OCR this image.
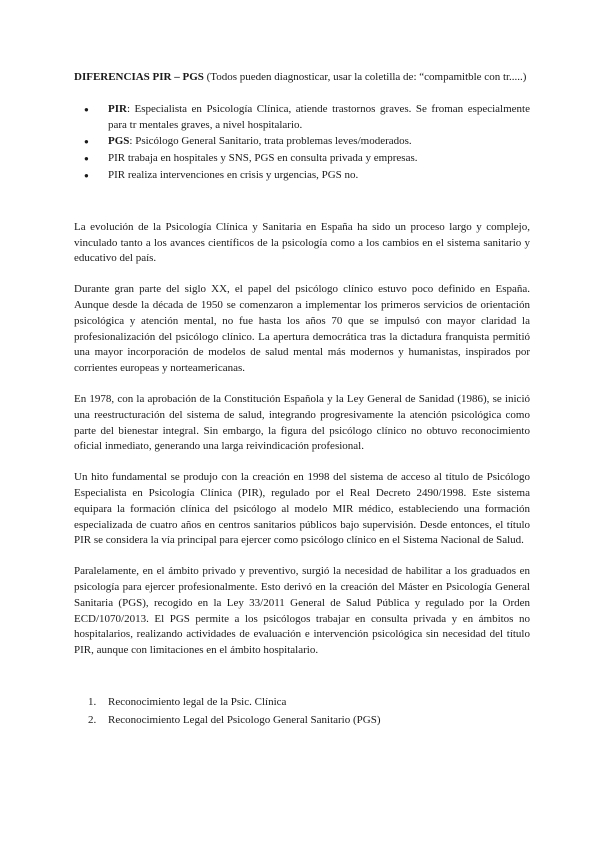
DIFERENCIAS PIR – PGS (Todos pueden diagnosticar, usar la coletilla de: “compamitble con tr.....)
● PIR: Especialista en Psicología Clínica, atiende trastornos graves. Se froman especialmente para tr mentales graves, a nivel hospitalario.
● PGS: Psicólogo General Sanitario, trata problemas leves/moderados.
● PIR trabaja en hospitales y SNS, PGS en consulta privada y empresas.
● PIR realiza intervenciones en crisis y urgencias, PGS no.

La evolución de la Psicología Clínica y Sanitaria en España ha sido un proceso largo y complejo, vinculado tanto a los avances científicos de la psicología como a los cambios en el sistema sanitario y educativo del país.

Durante gran parte del siglo XX, el papel del psicólogo clínico estuvo poco definido en España. Aunque desde la década de 1950 se comenzaron a implementar los primeros servicios de orientación psicológica y atención mental, no fue hasta los años 70 que se impulsó con mayor claridad la profesionalización del psicólogo clínico. La apertura democrática tras la dictadura franquista permitió una mayor incorporación de modelos de salud mental más modernos y humanistas, inspirados por corrientes europeas y norteamericanas.

En 1978, con la aprobación de la Constitución Española y la Ley General de Sanidad (1986), se inició una reestructuración del sistema de salud, integrando progresivamente la atención psicológica como parte del bienestar integral. Sin embargo, la figura del psicólogo clínico no obtuvo reconocimiento oficial inmediato, generando una larga reivindicación profesional.

Un hito fundamental se produjo con la creación en 1998 del sistema de acceso al título de Psicólogo Especialista en Psicología Clínica (PIR), regulado por el Real Decreto 2490/1998. Este sistema equipara la formación clínica del psicólogo al modelo MIR médico, estableciendo una formación especializada de cuatro años en centros sanitarios públicos bajo supervisión. Desde entonces, el título PIR se considera la vía principal para ejercer como psicólogo clínico en el Sistema Nacional de Salud.

Paralelamente, en el ámbito privado y preventivo, surgió la necesidad de habilitar a los graduados en psicología para ejercer profesionalmente. Esto derivó en la creación del Máster en Psicología General Sanitaria (PGS), recogido en la Ley 33/2011 General de Salud Pública y regulado por la Orden ECD/1070/2013. El PGS permite a los psicólogos trabajar en consulta privada y en ámbitos no hospitalarios, realizando actividades de evaluación e intervención psicológica sin necesidad del título PIR, aunque con limitaciones en el ámbito hospitalario.

1. Reconocimiento legal de la Psic. Clínica
2. Reconocimiento Legal del Psicologo General Sanitario (PGS)
